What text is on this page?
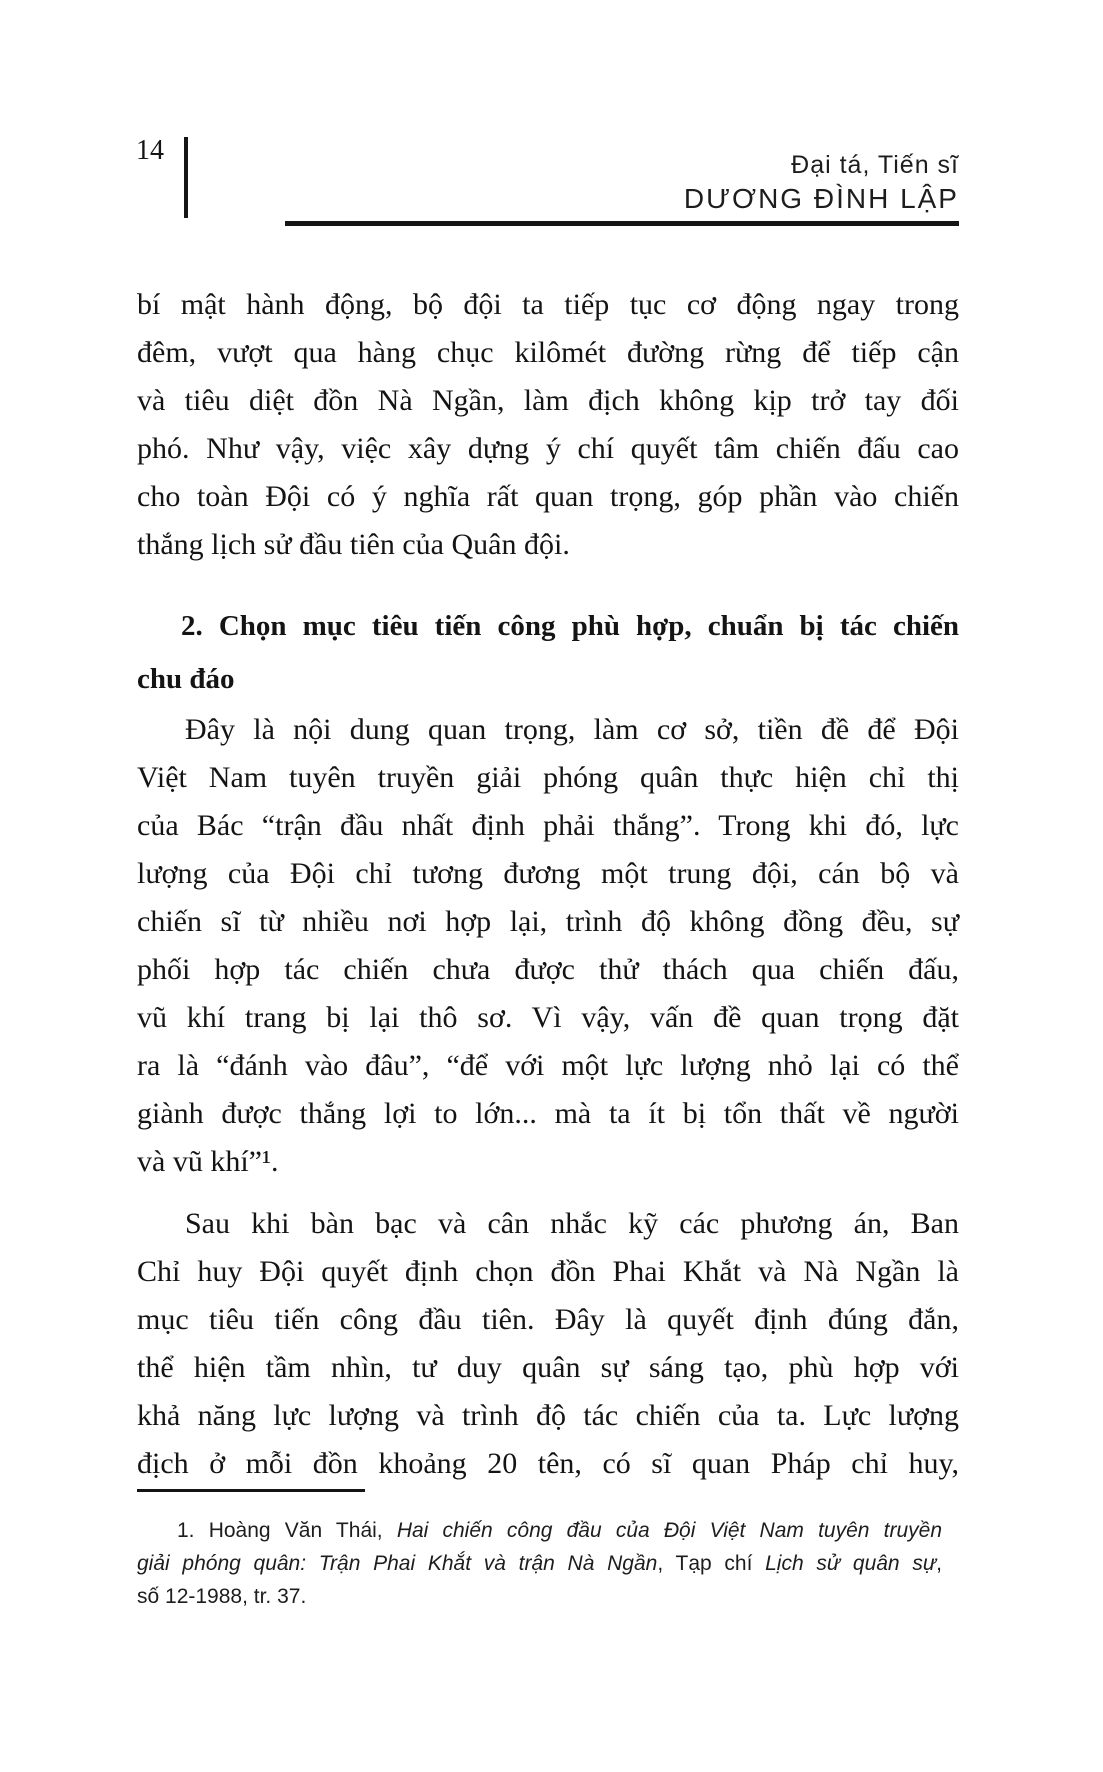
14	Đại tá, Tiến sĩ
DƯƠNG ĐÌNH LẬP
bí mật hành động, bộ đội ta tiếp tục cơ động ngay trong
đêm, vượt qua hàng chục kilômét đường rừng để tiếp cận
và tiêu diệt đồn Nà Ngần, làm địch không kịp trở tay đối
phó. Như vậy, việc xây dựng ý chí quyết tâm chiến đấu cao
cho toàn Đội có ý nghĩa rất quan trọng, góp phần vào chiến
thắng lịch sử đầu tiên của Quân đội.
2. Chọn mục tiêu tiến công phù hợp, chuẩn bị tác chiến
chu đáo
Đây là nội dung quan trọng, làm cơ sở, tiền đề để Đội
Việt Nam tuyên truyền giải phóng quân thực hiện chỉ thị
của Bác “trận đầu nhất định phải thắng”. Trong khi đó, lực
lượng của Đội chỉ tương đương một trung đội, cán bộ và
chiến sĩ từ nhiều nơi hợp lại, trình độ không đồng đều, sự
phối hợp tác chiến chưa được thử thách qua chiến đấu,
vũ khí trang bị lại thô sơ. Vì vậy, vấn đề quan trọng đặt
ra là “đánh vào đâu”, “để với một lực lượng nhỏ lại có thể
giành được thắng lợi to lớn... mà ta ít bị tổn thất về người
và vũ khí”¹.
Sau khi bàn bạc và cân nhắc kỹ các phương án, Ban
Chỉ huy Đội quyết định chọn đồn Phai Khắt và Nà Ngần là
mục tiêu tiến công đầu tiên. Đây là quyết định đúng đắn,
thể hiện tầm nhìn, tư duy quân sự sáng tạo, phù hợp với
khả năng lực lượng và trình độ tác chiến của ta. Lực lượng
địch ở mỗi đồn khoảng 20 tên, có sĩ quan Pháp chỉ huy,
1. Hoàng Văn Thái, Hai chiến công đầu của Đội Việt Nam tuyên truyền
giải phóng quân: Trận Phai Khắt và trận Nà Ngần, Tạp chí Lịch sử quân sự,
số 12-1988, tr. 37.
